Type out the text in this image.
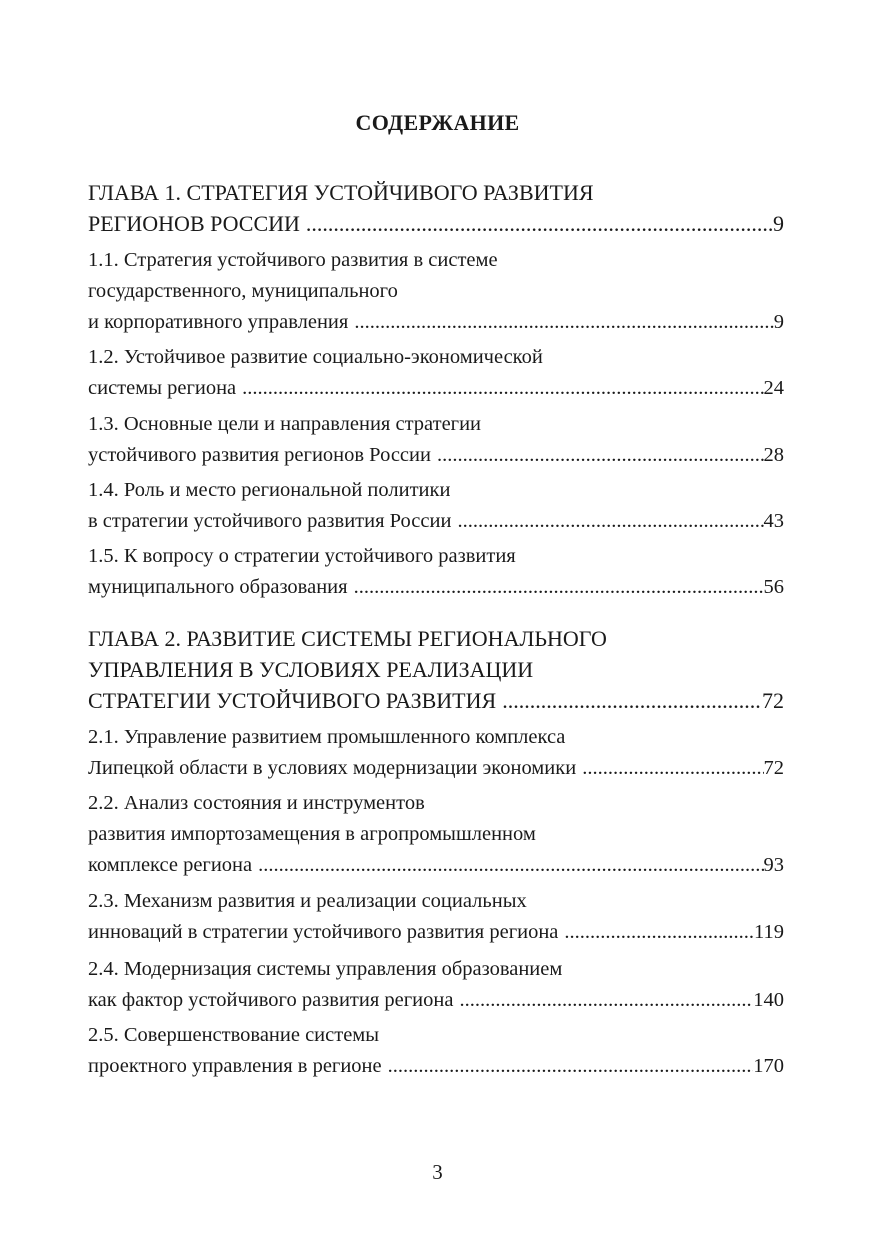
СОДЕРЖАНИЕ
ГЛАВА 1. СТРАТЕГИЯ УСТОЙЧИВОГО РАЗВИТИЯ
РЕГИОНОВ РОССИИ .....	9
1.1. Стратегия устойчивого развития в системе
государственного, муниципального
и корпоративного управления .....	9
1.2. Устойчивое развитие социально-экономической
системы региона .....	24
1.3. Основные цели и направления стратегии
устойчивого развития регионов России .....	28
1.4. Роль и место региональной политики
в стратегии устойчивого развития России .....	43
1.5. К вопросу о стратегии устойчивого развития
муниципального образования .....	56
ГЛАВА 2. РАЗВИТИЕ СИСТЕМЫ РЕГИОНАЛЬНОГО
УПРАВЛЕНИЯ В УСЛОВИЯХ РЕАЛИЗАЦИИ
СТРАТЕГИИ УСТОЙЧИВОГО РАЗВИТИЯ .....	72
2.1. Управление развитием промышленного комплекса
Липецкой области в условиях модернизации экономики .....	72
2.2. Анализ состояния и инструментов
развития импортозамещения в агропромышленном
комплексе региона .....	93
2.3. Механизм развития и реализации социальных
инноваций в стратегии устойчивого развития региона .....	119
2.4. Модернизация системы управления образованием
как фактор устойчивого развития региона .....	140
2.5. Совершенствование системы
проектного управления в регионе .....	170
3
